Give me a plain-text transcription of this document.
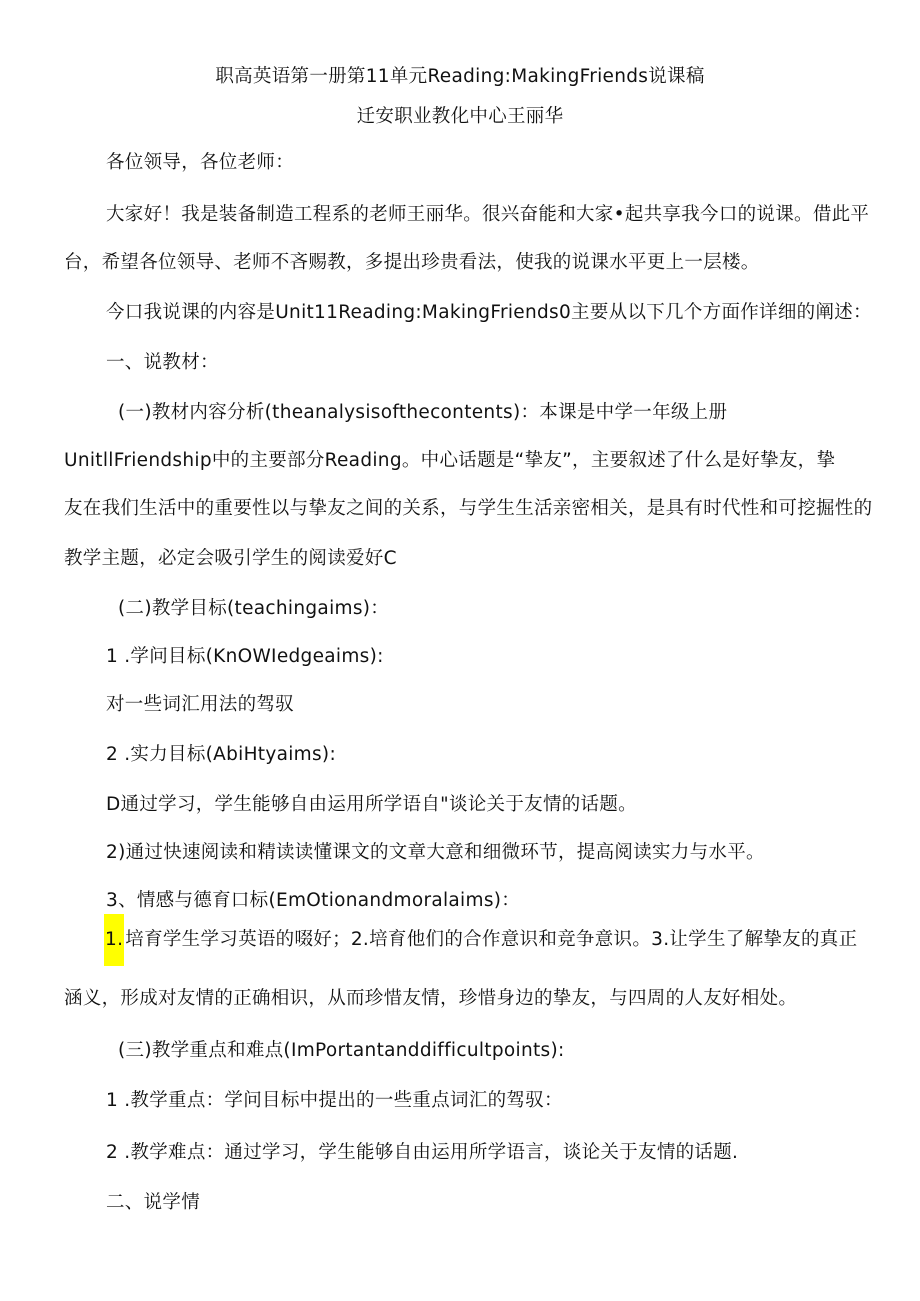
职高英语第一册第11单元Reading:MakingFriends说课稿
迁安职业教化中心王丽华
各位领导，各位老师：
大家好！我是装备制造工程系的老师王丽华。很兴奋能和大家•起共享我今口的说课。借此平
台，希望各位领导、老师不吝赐教，多提出珍贵看法，使我的说课水平更上一层楼。
今口我说课的内容是Unit11Reading:MakingFriends0主要从以下几个方面作详细的阐述：
一、说教材：
(一)教材内容分析(theanalysisofthecontents)：本课是中学一年级上册
UnitllFriendship中的主要部分Reading。中心话题是“挚友”，主要叙述了什么是好挚友，挚
友在我们生活中的重要性以与挚友之间的关系，与学生生活亲密相关，是具有时代性和可挖掘性的
教学主题，必定会吸引学生的阅读爱好C
(二)教学目标(teachingaims)：
1 .学问目标(KnOWIedgeaims):
对一些词汇用法的驾驭
2 .实力目标(AbiHtyaims):
D通过学习，学生能够自由运用所学语自"谈论关于友情的话题。
2)通过快速阅读和精读读懂课文的文章大意和细微环节，提高阅读实力与水平。
3、情感与德育口标(EmOtionandmoralaims)：
1. 培育学生学习英语的啜好；2.培育他们的合作意识和竞争意识。3.让学生了解挚友的真正
涵义，形成对友情的正确相识，从而珍惜友情，珍惜身边的挚友，与四周的人友好相处。
(三)教学重点和难点(ImPortantanddifficultpoints):
1 .教学重点：学问目标中提出的一些重点词汇的驾驭：
2 .教学难点：通过学习，学生能够自由运用所学语言，谈论关于友情的话题.
二、说学情
